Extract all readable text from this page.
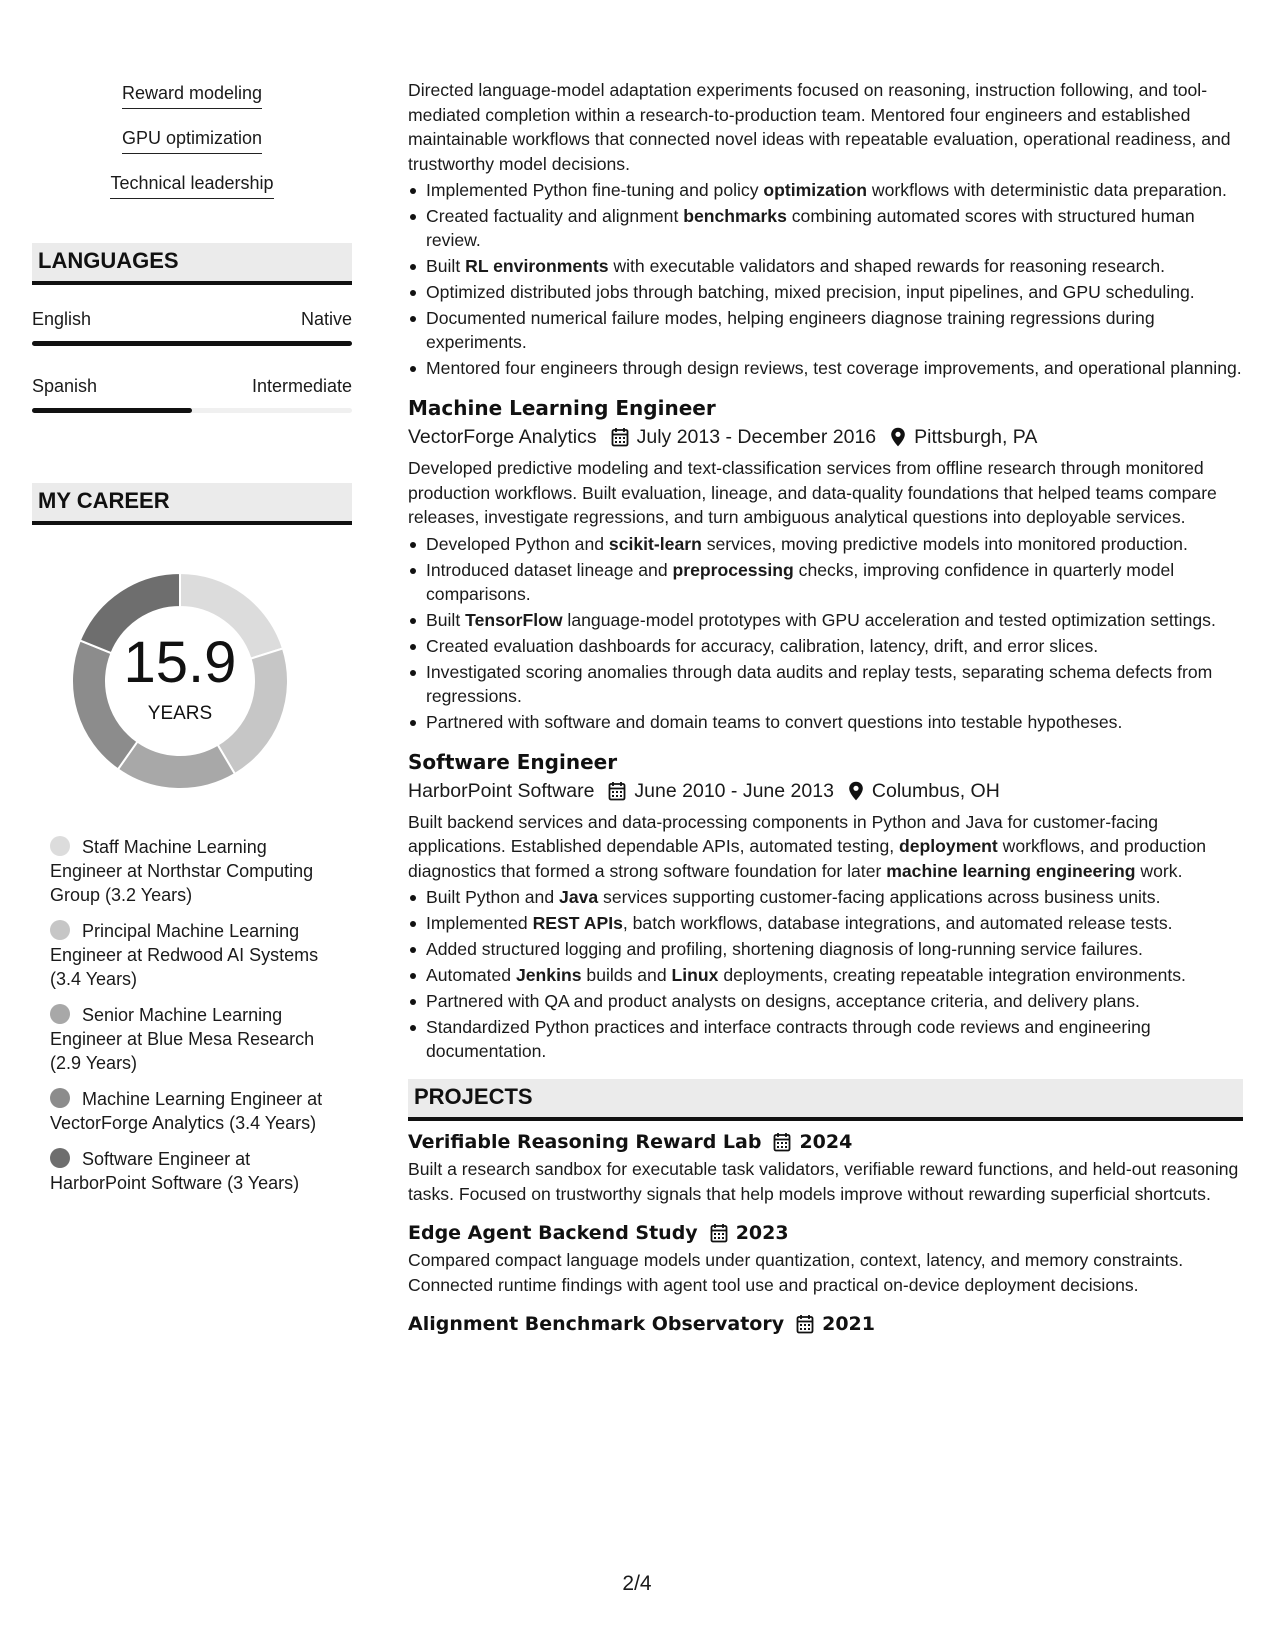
Reward modeling
GPU optimization
Technical leadership
LANGUAGES
English	Native
Spanish	Intermediate
MY CAREER
15.9
YEARS
Staff Machine Learning Engineer at Northstar Computing Group (3.2 Years)
Principal Machine Learning Engineer at Redwood AI Systems (3.4 Years)
Senior Machine Learning Engineer at Blue Mesa Research (2.9 Years)
Machine Learning Engineer at VectorForge Analytics (3.4 Years)
Software Engineer at HarborPoint Software (3 Years)

Directed language-model adaptation experiments focused on reasoning, instruction following, and tool-mediated completion within a research-to-production team. Mentored four engineers and established maintainable workflows that connected novel ideas with repeatable evaluation, operational readiness, and trustworthy model decisions.

Implemented Python fine-tuning and policy optimization workflows with deterministic data preparation.
Created factuality and alignment benchmarks combining automated scores with structured human review.
Built RL environments with executable validators and shaped rewards for reasoning research.
Optimized distributed jobs through batching, mixed precision, input pipelines, and GPU scheduling.
Documented numerical failure modes, helping engineers diagnose training regressions during experiments.
Mentored four engineers through design reviews, test coverage improvements, and operational planning.
Machine Learning Engineer
VectorForge Analytics July 2013 - December 2016 Pittsburgh, PA

Developed predictive modeling and text-classification services from offline research through monitored production workflows. Built evaluation, lineage, and data-quality foundations that helped teams compare releases, investigate regressions, and turn ambiguous analytical questions into deployable services.

Developed Python and scikit-learn services, moving predictive models into monitored production.
Introduced dataset lineage and preprocessing checks, improving confidence in quarterly model comparisons.
Built TensorFlow language-model prototypes with GPU acceleration and tested optimization settings.
Created evaluation dashboards for accuracy, calibration, latency, drift, and error slices.
Investigated scoring anomalies through data audits and replay tests, separating schema defects from regressions.
Partnered with software and domain teams to convert questions into testable hypotheses.
Software Engineer
HarborPoint Software June 2010 - June 2013 Columbus, OH

Built backend services and data-processing components in Python and Java for customer-facing applications. Established dependable APIs, automated testing, deployment workflows, and production diagnostics that formed a strong software foundation for later machine learning engineering work.

Built Python and Java services supporting customer-facing applications across business units.
Implemented REST APIs, batch workflows, database integrations, and automated release tests.
Added structured logging and profiling, shortening diagnosis of long-running service failures.
Automated Jenkins builds and Linux deployments, creating repeatable integration environments.
Partnered with QA and product analysts on designs, acceptance criteria, and delivery plans.
Standardized Python practices and interface contracts through code reviews and engineering documentation.
PROJECTS
Verifiable Reasoning Reward Lab 2024

Built a research sandbox for executable task validators, verifiable reward functions, and held-out reasoning tasks. Focused on trustworthy signals that help models improve without rewarding superficial shortcuts.

Edge Agent Backend Study 2023

Compared compact language models under quantization, context, latency, and memory constraints. Connected runtime findings with agent tool use and practical on-device deployment decisions.

Alignment Benchmark Observatory 2021
2/4
